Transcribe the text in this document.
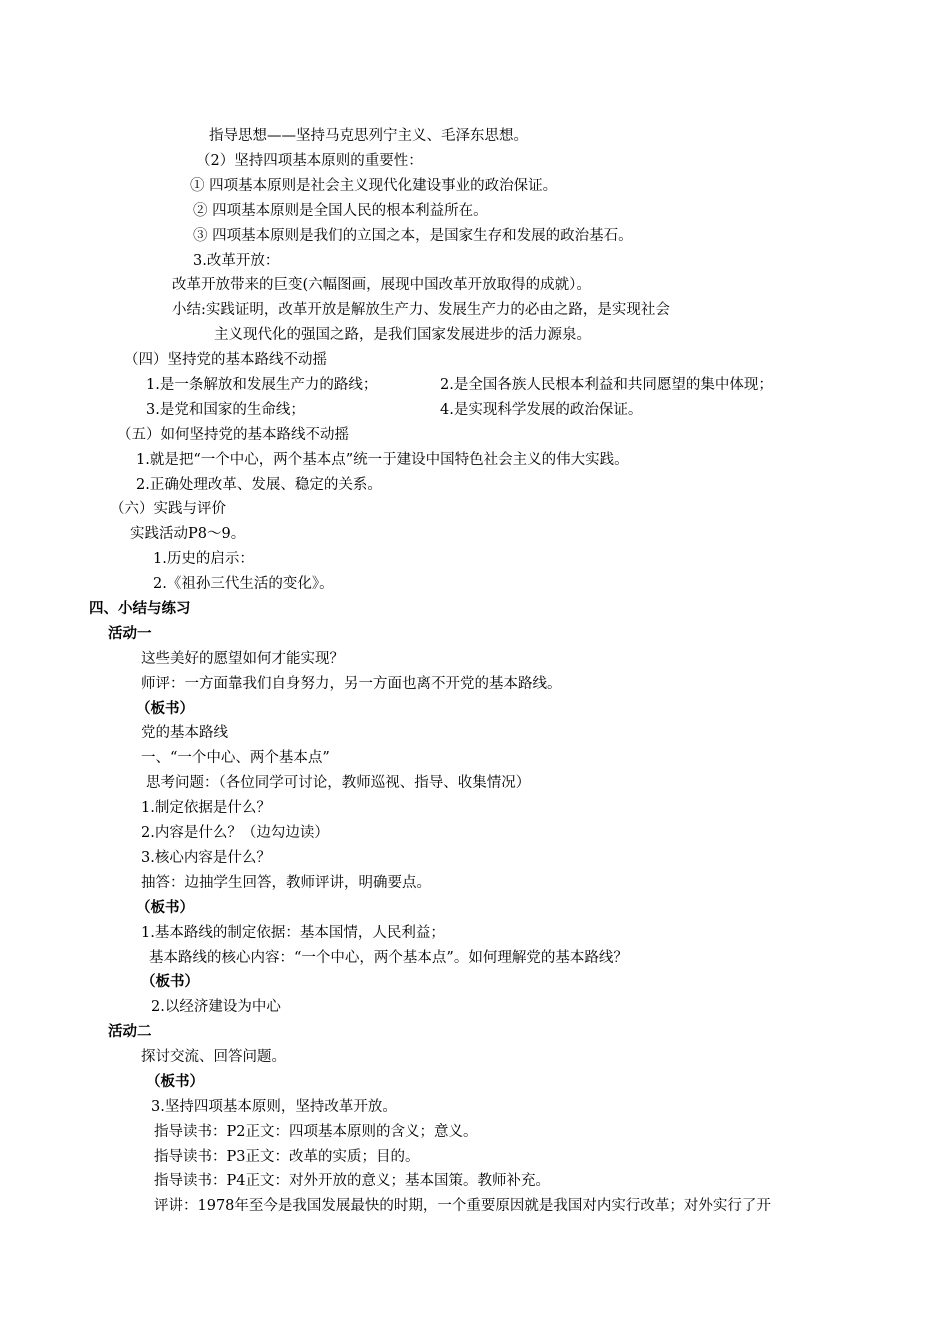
指导思想——坚持马克思列宁主义、毛泽东思想。
（2）坚持四项基本原则的重要性：
① 四项基本原则是社会主义现代化建设事业的政治保证。
② 四项基本原则是全国人民的根本利益所在。
③ 四项基本原则是我们的立国之本，是国家生存和发展的政治基石。
3.改革开放：
改革开放带来的巨变(六幅图画，展现中国改革开放取得的成就）。
小结:实践证明，改革开放是解放生产力、发展生产力的必由之路，是实现社会
主义现代化的强国之路，是我们国家发展进步的活力源泉。
（四）坚持党的基本路线不动摇
1.是一条解放和发展生产力的路线；	2.是全国各族人民根本利益和共同愿望的集中体现；
3.是党和国家的生命线；	4.是实现科学发展的政治保证。
（五）如何坚持党的基本路线不动摇
1.就是把“一个中心，两个基本点”统一于建设中国特色社会主义的伟大实践。
2.正确处理改革、发展、稳定的关系。
（六）实践与评价
实践活动P8～9。
1.历史的启示：
2.《祖孙三代生活的变化》。
四、小结与练习
活动一
这些美好的愿望如何才能实现？
师评：一方面靠我们自身努力，另一方面也离不开党的基本路线。
（板书）
党的基本路线
一、“一个中心、两个基本点”
思考问题：（各位同学可讨论，教师巡视、指导、收集情况）
1.制定依据是什么？
2.内容是什么？（边勾边读）
3.核心内容是什么？
抽答：边抽学生回答，教师评讲，明确要点。
（板书）
1.基本路线的制定依据：基本国情，人民利益；
基本路线的核心内容：“一个中心，两个基本点”。如何理解党的基本路线？
（板书）
2.以经济建设为中心
活动二
探讨交流、回答问题。
（板书）
3.坚持四项基本原则，坚持改革开放。
指导读书：P2正文：四项基本原则的含义；意义。
指导读书：P3正文：改革的实质；目的。
指导读书：P4正文：对外开放的意义；基本国策。教师补充。
评讲：1978年至今是我国发展最快的时期，一个重要原因就是我国对内实行改革；对外实行了开
